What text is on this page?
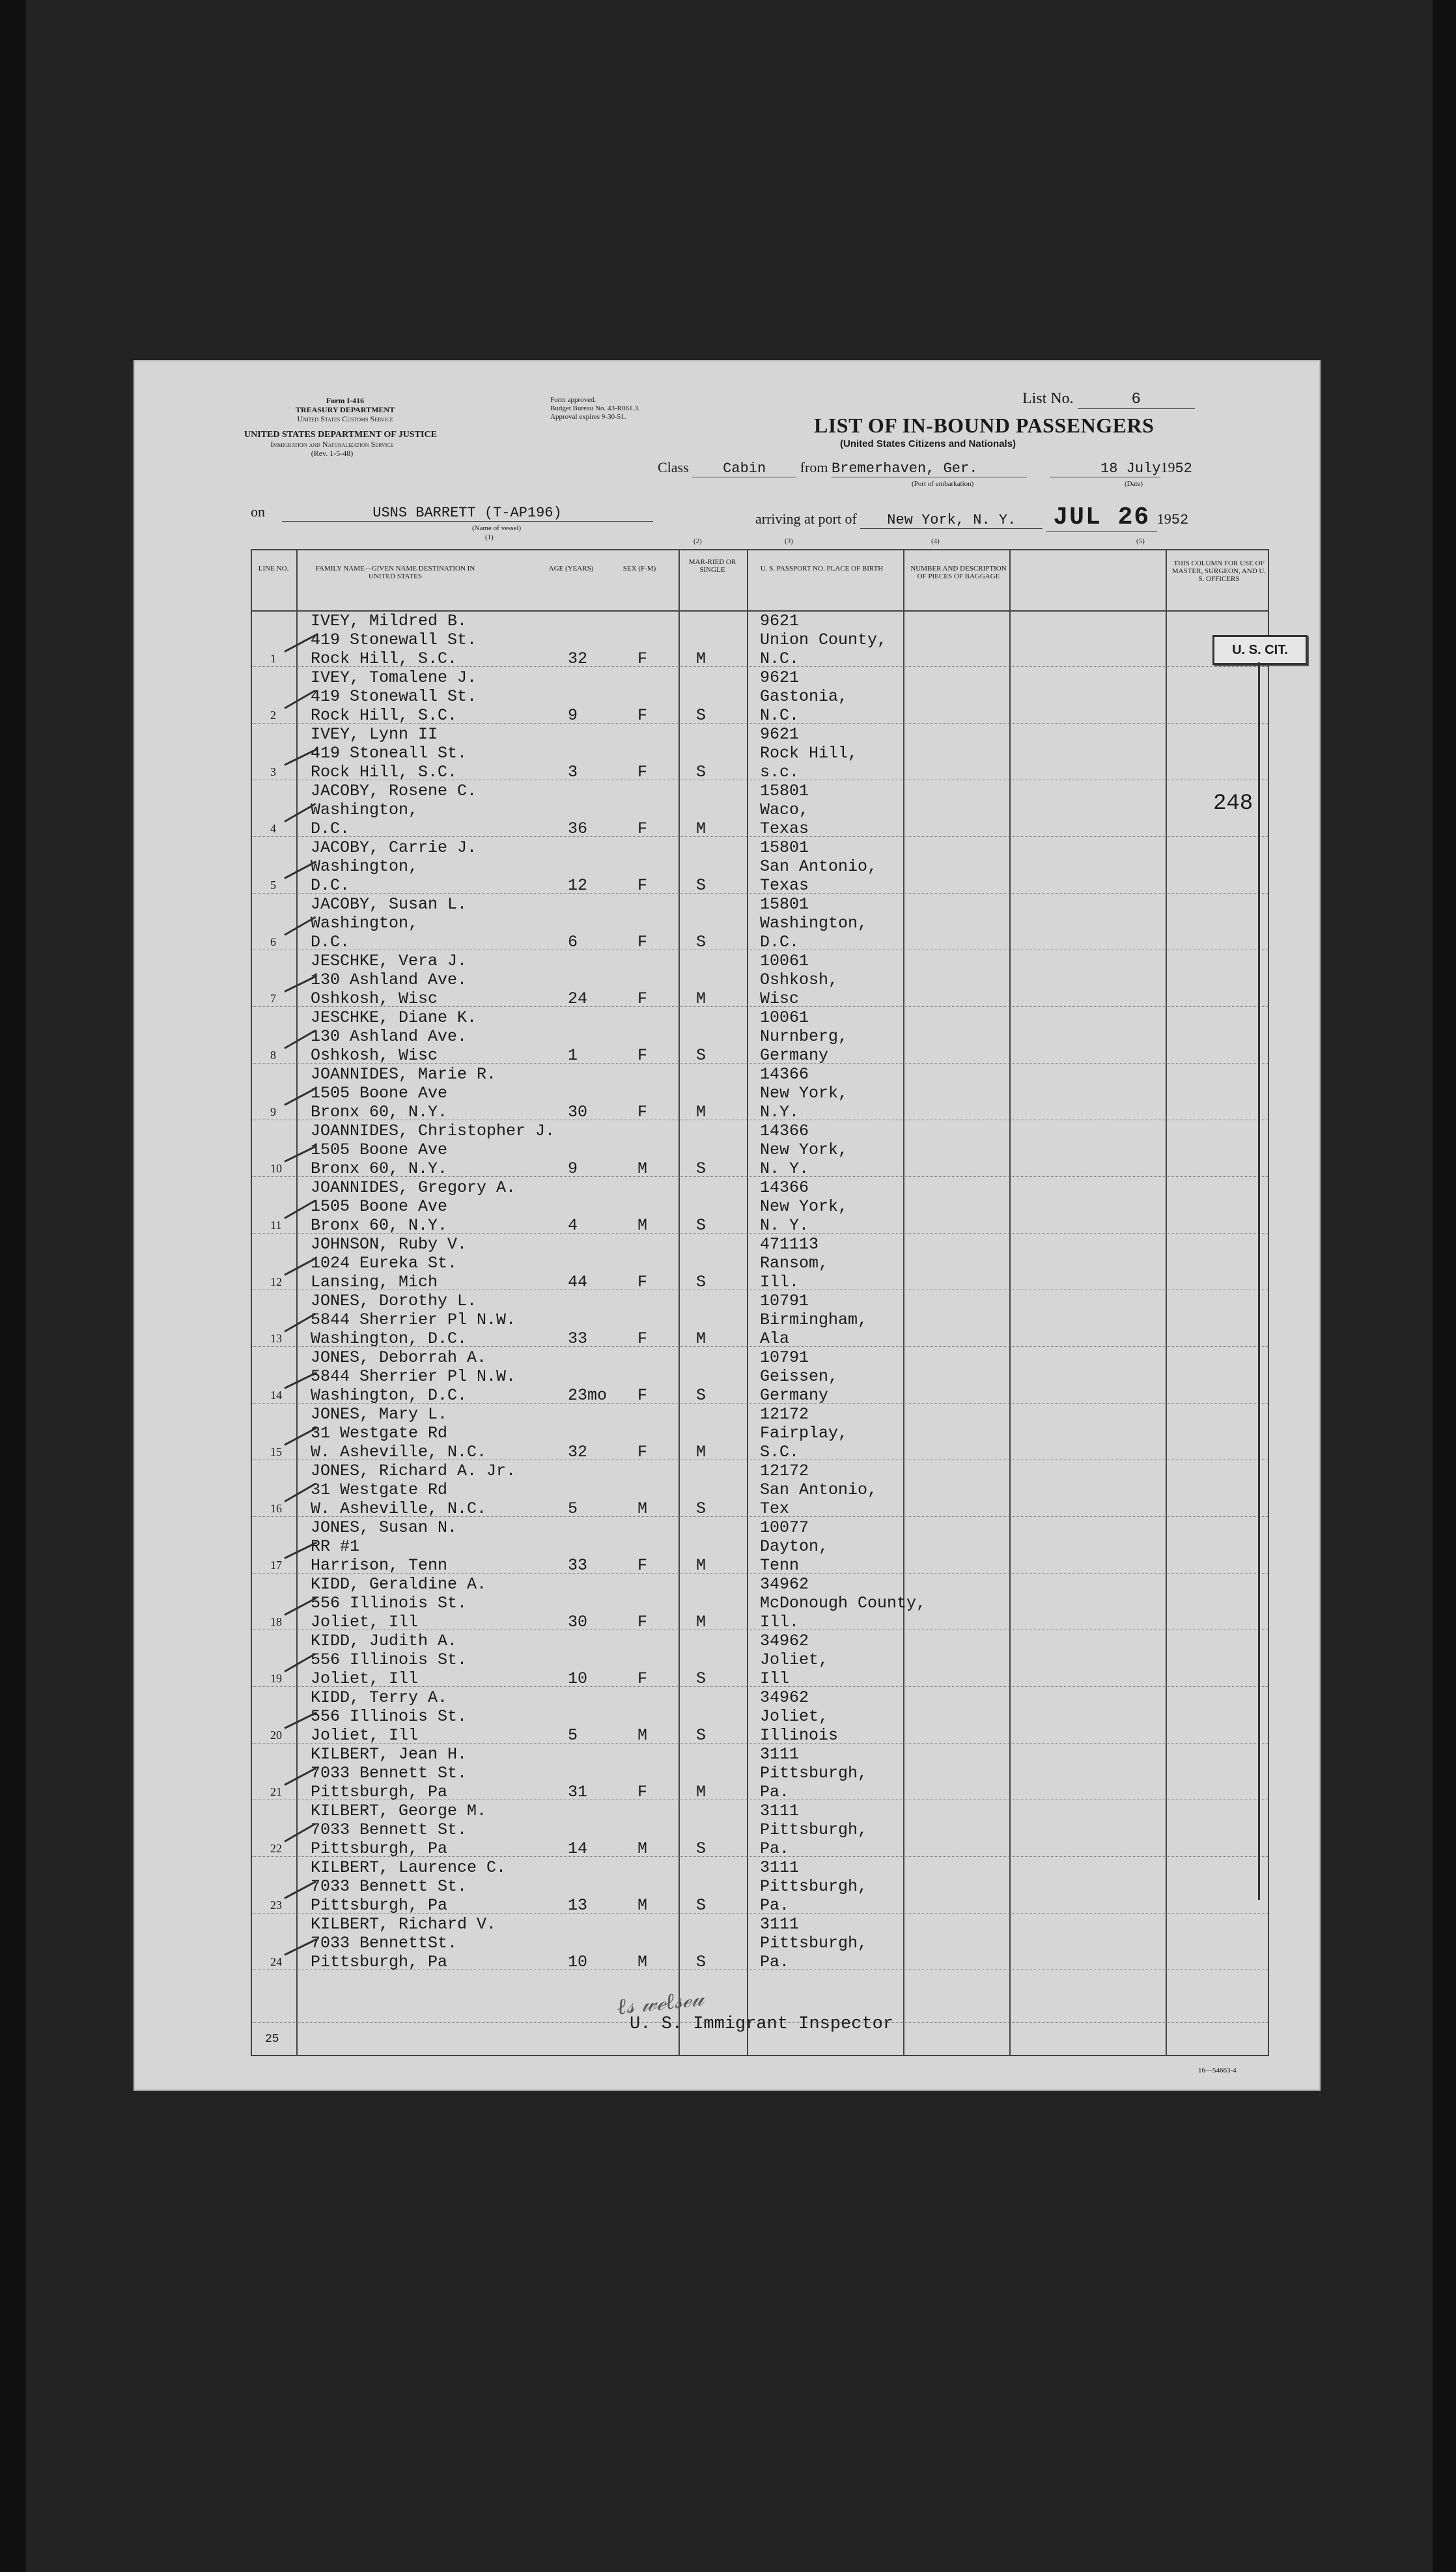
Form I-416
TREASURY DEPARTMENT
United States Customs Service
UNITED STATES DEPARTMENT OF JUSTICE
Immigration and Naturalization Service
(Rev. 1-5-48)
Form approved.
Budget Bureau No. 43-R061.3.
Approval expires 9-30-51.
List No.	6
LIST OF IN-BOUND PASSENGERS
(United States Citizens and Nationals)
Class Cabin from Bremerhaven, Ger.	18 July1952
(Port of embarkation)	(Date)
on	USNS BARRETT (T-AP196)
(Name of vessel)
(1)
arriving at port of New York, N. Y. JUL 26 1952
(2)	(3)	(4)	(5)
LINE NO.	FAMILY NAME—GIVEN NAME DESTINATION IN UNITED STATES
AGE (YEARS)	SEX (F-M)
MAR-RIED OR SINGLE	U. S. PASSPORT NO. PLACE OF BIRTH	NUMBER AND DESCRIPTION OF PIECES OF BAGGAGE
THIS COLUMN FOR USE OF MASTER, SURGEON, AND U. S. OFFICERS
1
IVEY, Mildred B.
419 Stonewall St.
Rock Hill, S.C.	32	F	M
9621
Union County,
N.C.
2
IVEY, Tomalene J.
419 Stonewall St.
Rock Hill, S.C.	9	F	S
9621
Gastonia,
N.C.
3
IVEY, Lynn II
419 Stoneall St.
Rock Hill, S.C.	3	F	S
9621
Rock Hill,
s.c.
4
JACOBY, Rosene C.
Washington,
D.C.	36	F	M
15801
Waco,
Texas
5
JACOBY, Carrie J.
Washington,
D.C.	12	F	S
15801
San Antonio,
Texas
6
JACOBY, Susan L.
Washington,
D.C.	6	F	S
15801
Washington,
D.C.
7
JESCHKE, Vera J.
130 Ashland Ave.
Oshkosh, Wisc	24	F	M
10061
Oshkosh,
Wisc
8
JESCHKE, Diane K.
130 Ashland Ave.
Oshkosh, Wisc	1	F	S
10061
Nurnberg,
Germany
9
JOANNIDES, Marie R.
1505 Boone Ave
Bronx 60, N.Y.	30	F	M
14366
New York,
N.Y.
10
JOANNIDES, Christopher J.
1505 Boone Ave
Bronx 60, N.Y.	9	M	S
14366
New York,
N. Y.
11
JOANNIDES, Gregory A.
1505 Boone Ave
Bronx 60, N.Y.	4	M	S
14366
New York,
N. Y.
12
JOHNSON, Ruby V.
1024 Eureka St.
Lansing, Mich	44	F	S
471113
Ransom,
Ill.
13
JONES, Dorothy L.
5844 Sherrier Pl N.W.
Washington, D.C.	33	F	M
10791
Birmingham,
Ala
14
JONES, Deborrah A.
5844 Sherrier Pl N.W.
Washington, D.C.	23mo F	S
10791
Geissen,
Germany
15
JONES, Mary L.
31 Westgate Rd
W. Asheville, N.C.	32	F	M
12172
Fairplay,
S.C.
16
JONES, Richard A. Jr.
31 Westgate Rd
W. Asheville, N.C.	5	M	S
12172
San Antonio,
Tex
17
JONES, Susan N.
RR #1
Harrison, Tenn	33	F	M
10077
Dayton,
Tenn
18
KIDD, Geraldine A.
556 Illinois St.
Joliet, Ill	30	F	M
34962
McDonough County,
Ill.
19
KIDD, Judith A.
556 Illinois St.
Joliet, Ill	10	F	S
34962
Joliet,
Ill
20
KIDD, Terry A.
556 Illinois St.
Joliet, Ill	5	M	S
34962
Joliet,
Illinois
21
KILBERT, Jean H.
7033 Bennett St.
Pittsburgh, Pa	31	F	M
3111
Pittsburgh,
Pa.
22
KILBERT, George M.
7033 Bennett St.
Pittsburgh, Pa	14	M	S
3111
Pittsburgh,
Pa.
23
KILBERT, Laurence C.
7033 Bennett St.
Pittsburgh, Pa	13	M	S
3111
Pittsburgh,
Pa.
24
KILBERT, Richard V.
7033 BennettSt.
Pittsburgh, Pa	10	M	S
3111
Pittsburgh,
Pa.
U. S. CIT.
248
25
U. S. Immigrant Inspector
ℓ𝓈 𝓌ℯℓ𝓈ℯ𝓊
16—54663-4
